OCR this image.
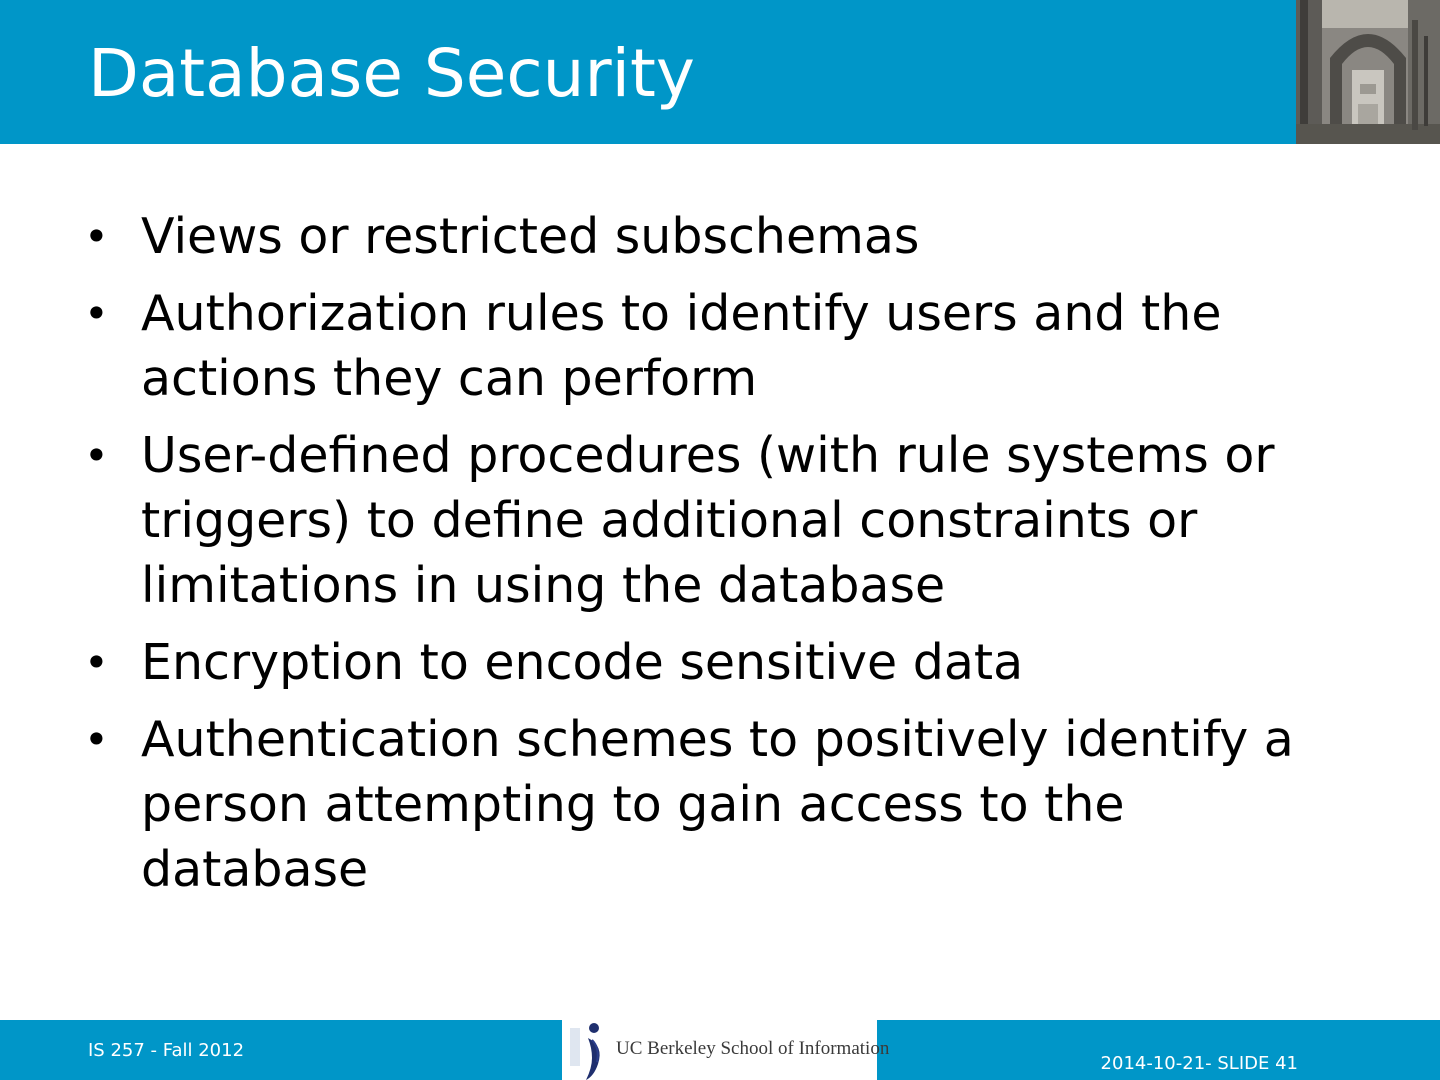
Database Security
• Views or restricted subschemas
• Authorization rules to identify users and the actions they can perform
• User-defined procedures (with rule systems or triggers) to define additional constraints or limitations in using the database
• Encryption to encode sensitive data
• Authentication schemes to positively identify a person attempting to gain access to the database
IS 257 - Fall 2012	UC Berkeley School of Information
2014-10-21- SLIDE 41
